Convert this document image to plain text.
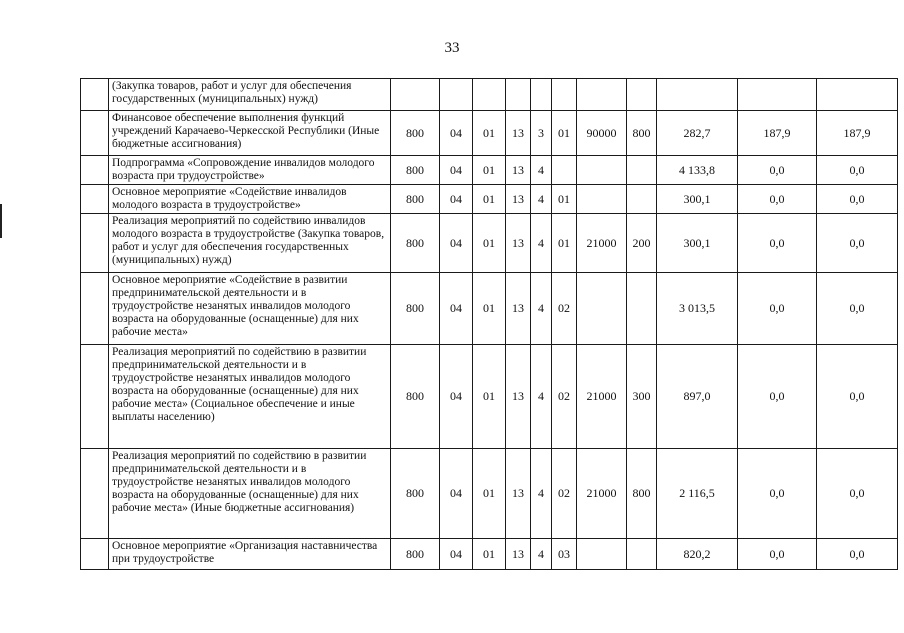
33
	(Закупка товаров, работ и услуг для обеспечения государственных (муниципальных) нужд)											
	Финансовое обеспечение выполнения функций учреждений Карачаево-Черкесской Республики (Иные бюджетные ассигнования)	800	04	01	13	3	01	90000	800	282,7	187,9	187,9
	Подпрограмма «Сопровождение инвалидов молодого возраста при трудоустройстве»	800	04	01	13	4				4 133,8	0,0	0,0
	Основное мероприятие «Содействие инвалидов молодого возраста в трудоустройстве»	800	04	01	13	4	01			300,1	0,0	0,0
	Реализация мероприятий по содействию инвалидов молодого возраста в трудоустройстве (Закупка товаров, работ и услуг для обеспечения государственных (муниципальных) нужд)	800	04	01	13	4	01	21000	200	300,1	0,0	0,0
	Основное мероприятие «Содействие в развитии предпринимательской деятельности и в трудоустройстве незанятых инвалидов молодого возраста на оборудованные (оснащенные) для них рабочие места»	800	04	01	13	4	02			3 013,5	0,0	0,0
	Реализация мероприятий по содействию в развитии предпринимательской деятельности и в трудоустройстве незанятых инвалидов молодого возраста на оборудованные (оснащенные) для них рабочие места» (Социальное обеспечение и иные выплаты населению)	800	04	01	13	4	02	21000	300	897,0	0,0	0,0
	Реализация мероприятий по содействию в развитии предпринимательской деятельности и в трудоустройстве незанятых инвалидов молодого возраста на оборудованные (оснащенные) для них рабочие места» (Иные бюджетные ассигнования)	800	04	01	13	4	02	21000	800	2 116,5	0,0	0,0
	Основное мероприятие «Организация наставничества при трудоустройстве	800	04	01	13	4	03			820,2	0,0	0,0
